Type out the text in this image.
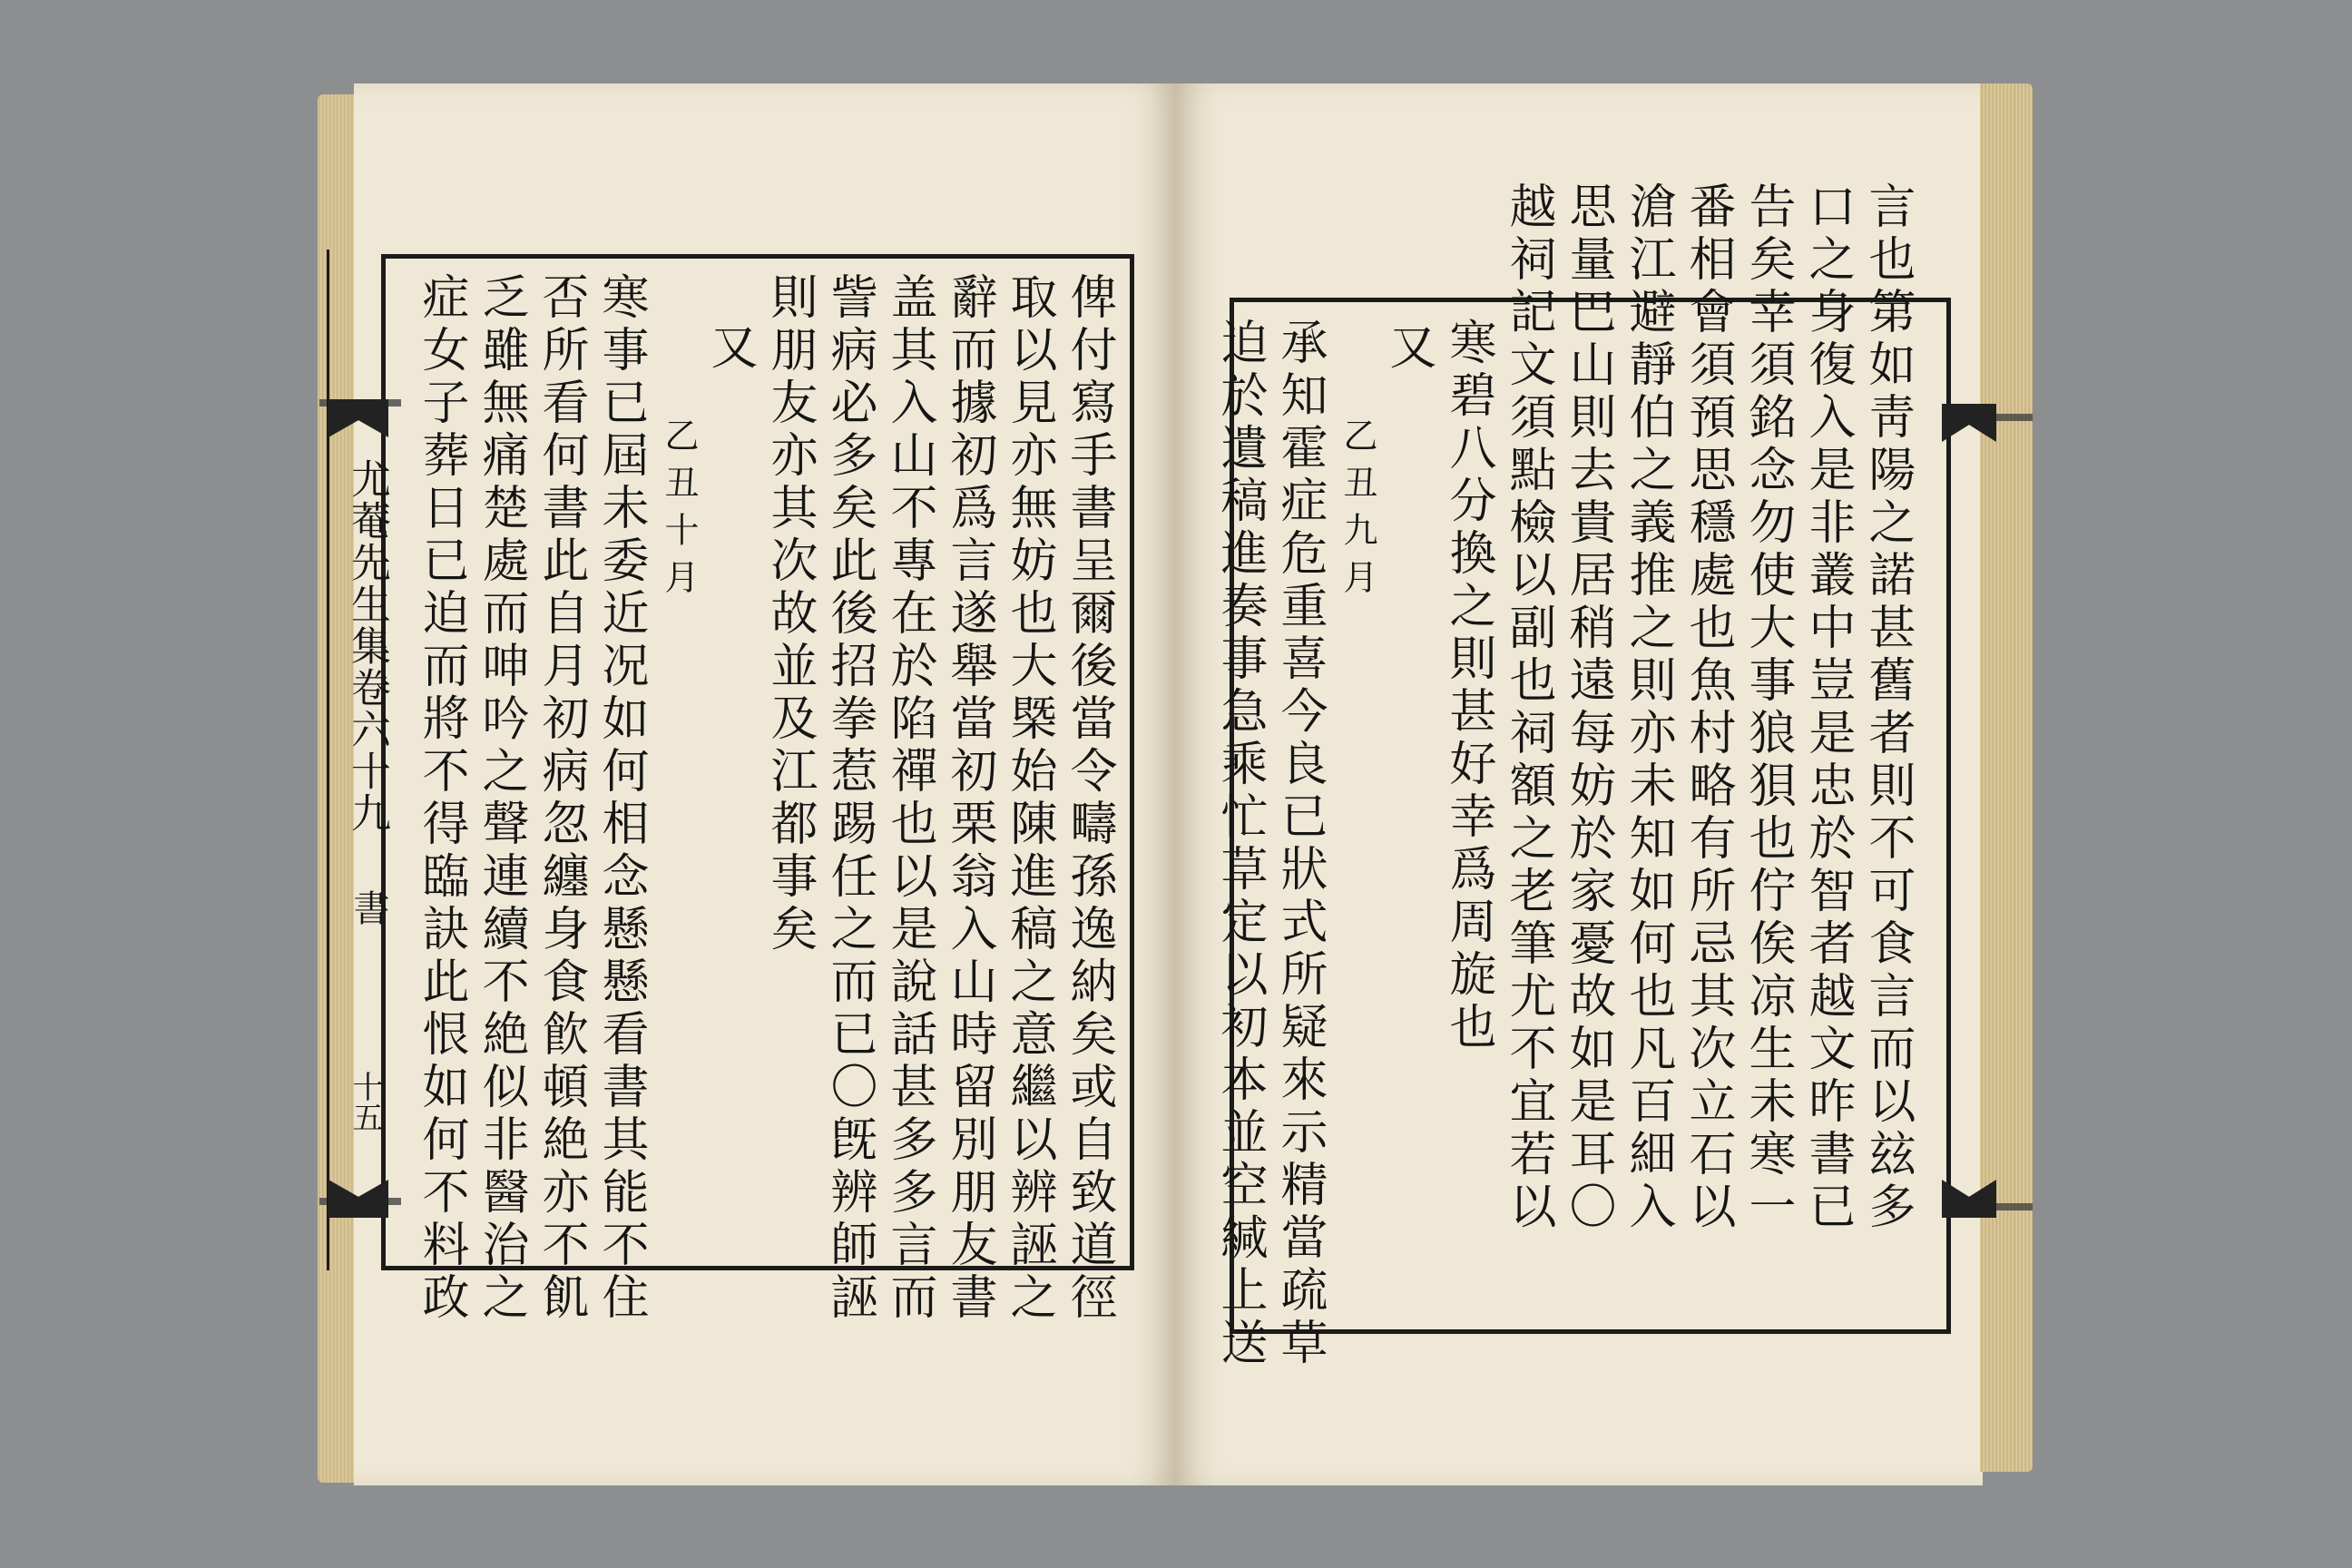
尤菴先生集卷六十九
書
十五	俾付寫手書呈爾後當令疇孫逸納矣或自致道徑
取以見亦無妨也大槩始陳進稿之意繼以辨誣之
辭而據初爲言遂舉當初栗翁入山時留別朋友書
盖其入山不專在於陷禪也以是說話甚多多言而
訾病必多矣此後招拳惹踢任之而已〇旣辨師誣
則朋友亦其次故並及江都事矣
又
乙丑十月
寒事已屆未委近况如何相念懸懸看書其能不住
否所看何書此自月初病忽纏身食飮頓絶亦不飢
乏雖無痛楚處而呻吟之聲連續不絶似非醫治之
症女子葬日已迫而將不得臨訣此恨如何不料政	言也第如靑陽之諾甚舊者則不可食言而以玆多
口之身復入是非叢中豈是忠於智者越文昨書已
告矣幸須銘念勿使大事狼狽也佇俟凉生未寒一
番相會須預思穩處也魚村略有所忌其次立石以
滄江避靜伯之義推之則亦未知如何也凡百細入
思量巴山則去貴居稍遠每妨於家憂故如是耳〇
越祠記文須點檢以副也祠額之老筆尤不宜若以
寒碧八分換之則甚好幸爲周旋也
又
乙丑九月
承知霍症危重喜今良已狀式所疑來示精當疏草
迫於遺稿進奏事急乘忙草定以初本並空緘上送
